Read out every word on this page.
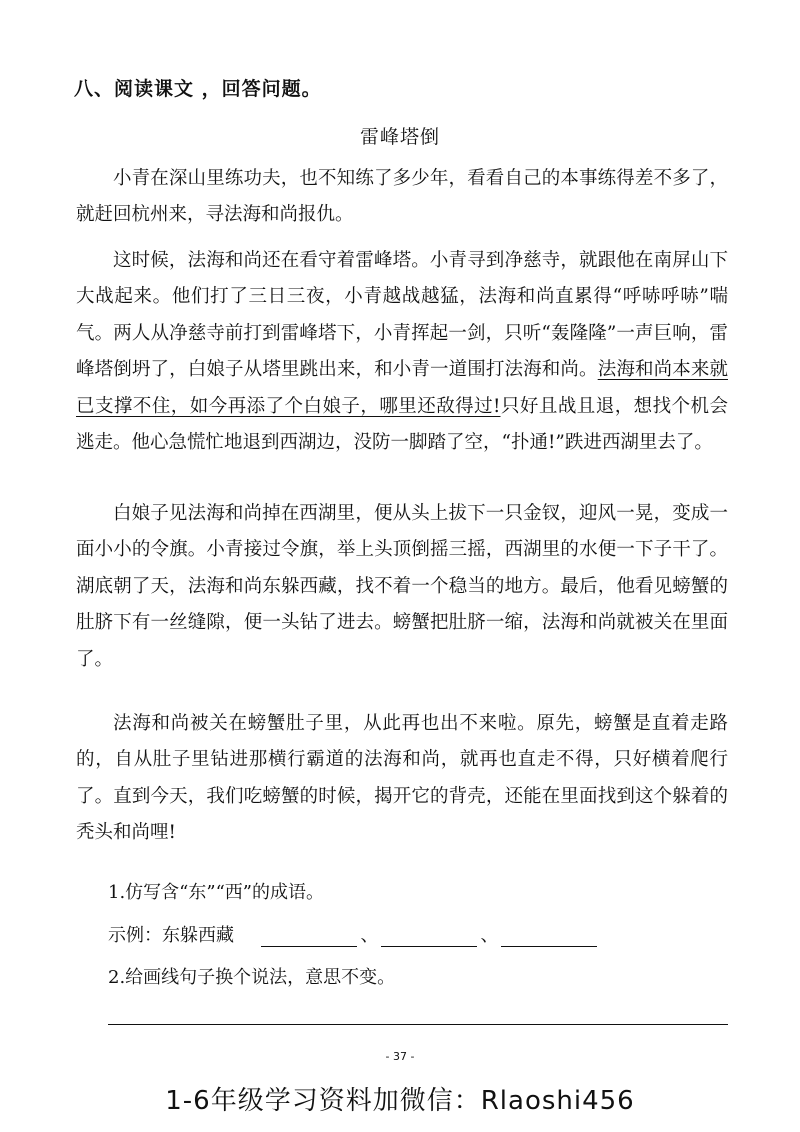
八、阅读课文 ，回答问题。
雷峰塔倒

小青在深山里练功夫，也不知练了多少年，看看自己的本事练得差不多了，就赶回杭州来，寻法海和尚报仇。

这时候，法海和尚还在看守着雷峰塔。小青寻到净慈寺，就跟他在南屏山下大战起来。他们打了三日三夜，小青越战越猛，法海和尚直累得“呼哧呼哧”喘气。两人从净慈寺前打到雷峰塔下，小青挥起一剑，只听“轰隆隆”一声巨响，雷峰塔倒坍了，白娘子从塔里跳出来，和小青一道围打法海和尚。法海和尚本来就已支撑不住，如今再添了个白娘子，哪里还敌得过!只好且战且退，想找个机会逃走。他心急慌忙地退到西湖边，没防一脚踏了空，“扑通!”跌进西湖里去了。

白娘子见法海和尚掉在西湖里，便从头上拔下一只金钗，迎风一晃，变成一面小小的令旗。小青接过令旗，举上头顶倒摇三摇，西湖里的水便一下子干了。湖底朝了天，法海和尚东躲西藏，找不着一个稳当的地方。最后，他看见螃蟹的肚脐下有一丝缝隙，便一头钻了进去。螃蟹把肚脐一缩，法海和尚就被关在里面了。

法海和尚被关在螃蟹肚子里，从此再也出不来啦。原先，螃蟹是直着走路的，自从肚子里钻进那横行霸道的法海和尚，就再也直走不得，只好横着爬行了。直到今天，我们吃螃蟹的时候，揭开它的背壳，还能在里面找到这个躲着的秃头和尚哩!

1.仿写含“东”“西”的成语。
示例：东躲西藏	、	、
2.给画线句子换个说法，意思不变。
- 37 -
1-6年级学习资料加微信：Rlaoshi456
